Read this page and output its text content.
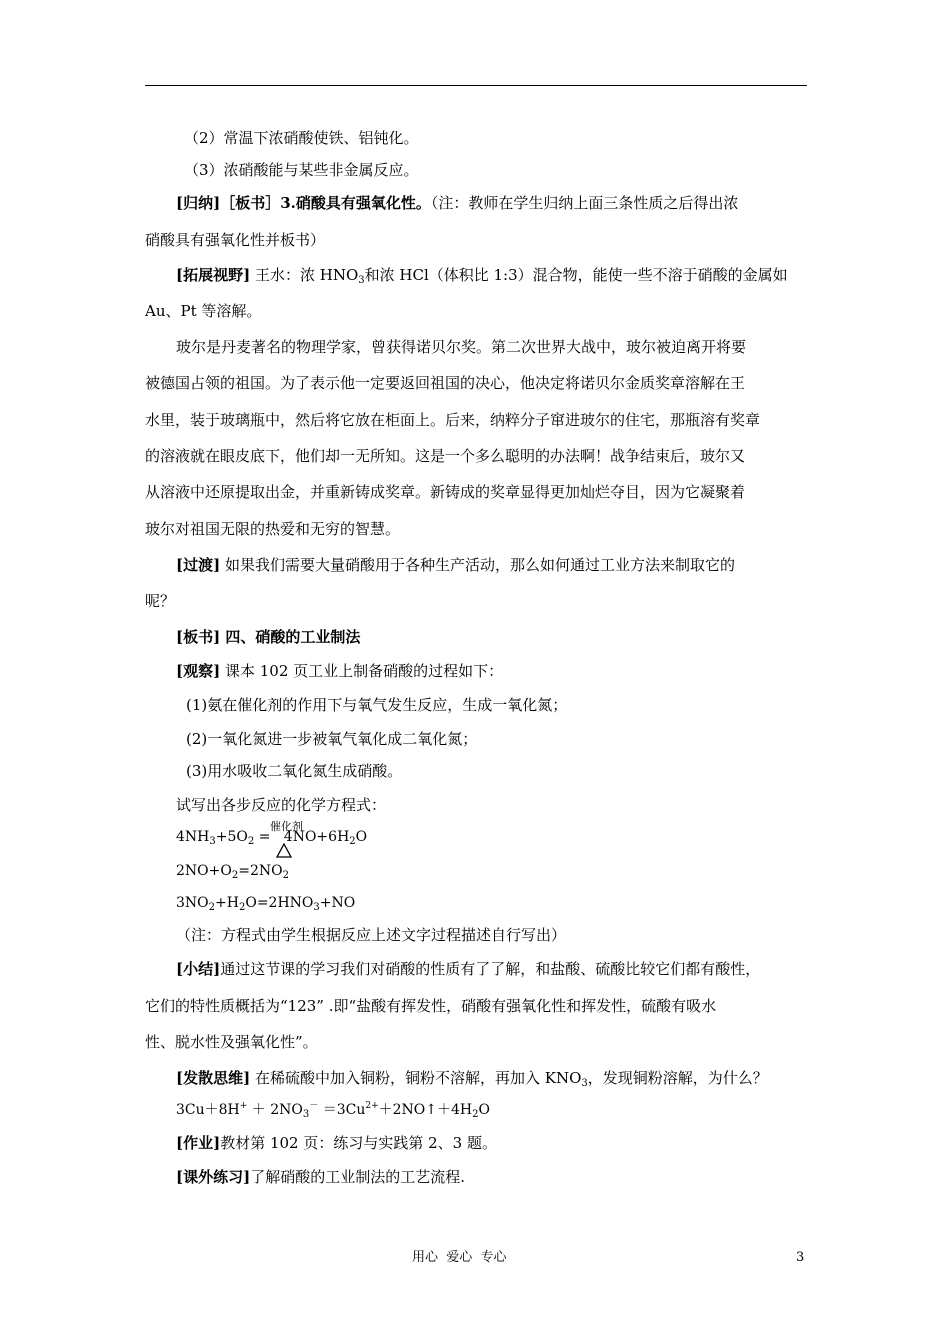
（2）常温下浓硝酸使铁、铝钝化。
（3）浓硝酸能与某些非金属反应。
[归纳]［板书］3.硝酸具有强氧化性。（注：教师在学生归纳上面三条性质之后得出浓
硝酸具有强氧化性并板书）
[拓展视野] 王水：浓 $HNO_3$和浓 HCl（体积比 1:3）混合物，能使一些不溶于硝酸的金属如
Au、Pt 等溶解。
玻尔是丹麦著名的物理学家，曾获得诺贝尔奖。第二次世界大战中，玻尔被迫离开将要
被德国占领的祖国。为了表示他一定要返回祖国的决心，他决定将诺贝尔金质奖章溶解在王
水里，装于玻璃瓶中，然后将它放在柜面上。后来，纳粹分子窜进玻尔的住宅，那瓶溶有奖章
的溶液就在眼皮底下，他们却一无所知。这是一个多么聪明的办法啊！战争结束后，玻尔又
从溶液中还原提取出金，并重新铸成奖章。新铸成的奖章显得更加灿烂夺目，因为它凝聚着
玻尔对祖国无限的热爱和无穷的智慧。
[过渡] 如果我们需要大量硝酸用于各种生产活动，那么如何通过工业方法来制取它的
呢？
[板书] 四、硝酸的工业制法
[观察] 课本 102 页工业上制备硝酸的过程如下：
(1)氨在催化剂的作用下与氧气发生反应，生成一氧化氮；
(2)一氧化氮进一步被氧气氧化成二氧化氮；
(3)用水吸收二氧化氮生成硝酸。
试写出各步反应的化学方程式：
催化剂
$4NH_3+5O_2 = 4NO+6H_2O$
$2NO+O_2=2NO_2$
$3NO_2+H_2O=2HNO_3+NO$
（注：方程式由学生根据反应上述文字过程描述自行写出）
[小结]通过这节课的学习我们对硝酸的性质有了了解，和盐酸、硫酸比较它们都有酸性，
它们的特性质概括为“123” .即“盐酸有挥发性，硝酸有强氧化性和挥发性，硫酸有吸水
性、脱水性及强氧化性”。
[发散思维] 在稀硫酸中加入铜粉，铜粉不溶解，再加入 $KNO_3$，发现铜粉溶解，为什么？
$3Cu+8H^+ + 2NO_3^-$ $=3Cu^{2+}+2NO↑+4H_2O$
[作业]教材第 102 页：练习与实践第 2、3 题。
[课外练习]了解硝酸的工业制法的工艺流程.
用心  爱心  专心	3
